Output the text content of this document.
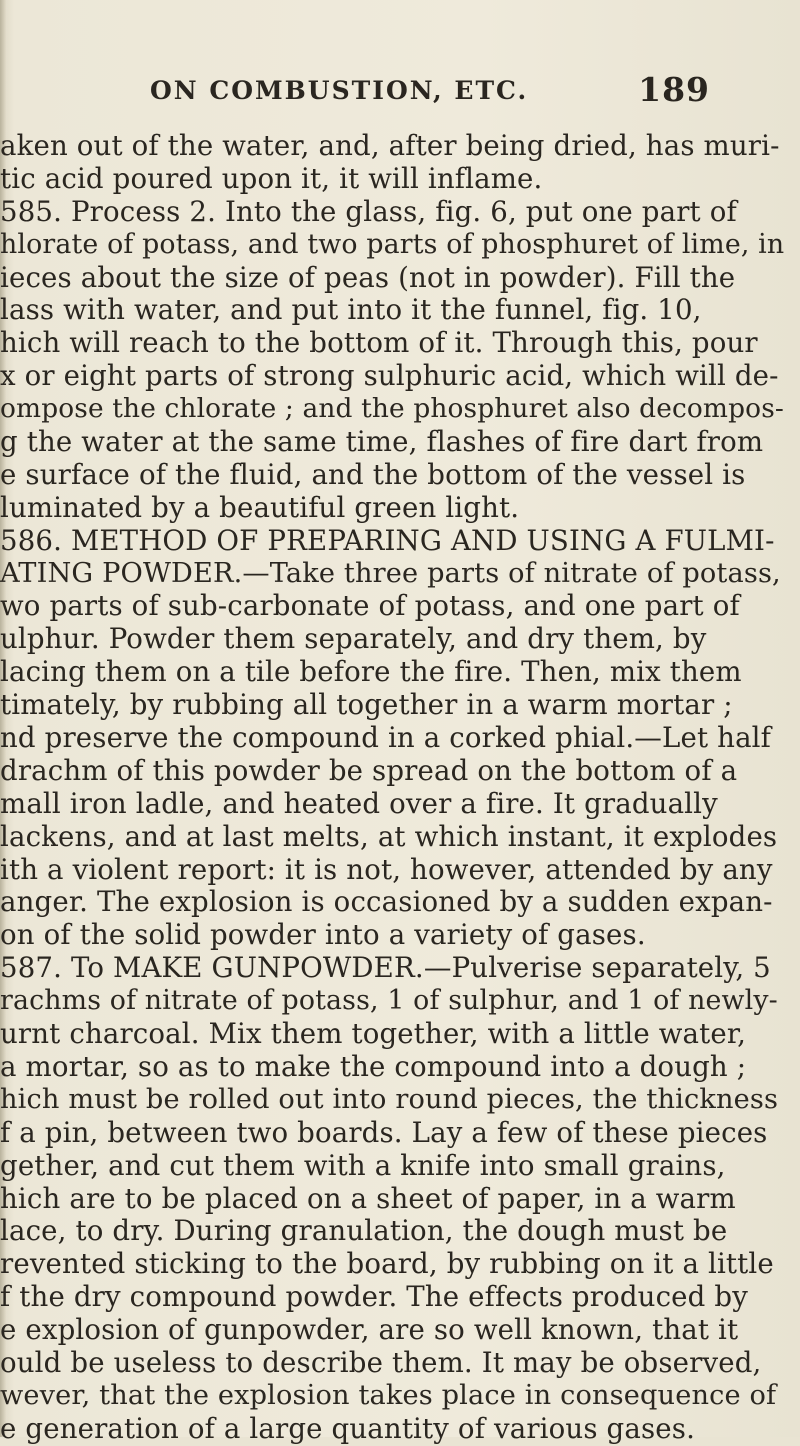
ON COMBUSTION, ETC.	189
aken out of the water, and, after being dried, has muri-
tic acid poured upon it, it will inflame.
585. Process 2. Into the glass, fig. 6, put one part of
hlorate of potass, and two parts of phosphuret of lime, in
ieces about the size of peas (not in powder). Fill the
lass with water, and put into it the funnel, fig. 10,
hich will reach to the bottom of it. Through this, pour
x or eight parts of strong sulphuric acid, which will de-
ompose the chlorate ; and the phosphuret also decompos-
g the water at the same time, flashes of fire dart from
e surface of the fluid, and the bottom of the vessel is
luminated by a beautiful green light.
586. METHOD OF PREPARING AND USING A FULMI-
ATING POWDER.—Take three parts of nitrate of potass,
wo parts of sub-carbonate of potass, and one part of
ulphur. Powder them separately, and dry them, by
lacing them on a tile before the fire. Then, mix them
timately, by rubbing all together in a warm mortar ;
nd preserve the compound in a corked phial.—Let half
drachm of this powder be spread on the bottom of a
mall iron ladle, and heated over a fire. It gradually
lackens, and at last melts, at which instant, it explodes
ith a violent report: it is not, however, attended by any
anger. The explosion is occasioned by a sudden expan-
on of the solid powder into a variety of gases.
587. To MAKE GUNPOWDER.—Pulverise separately, 5
rachms of nitrate of potass, 1 of sulphur, and 1 of newly-
urnt charcoal. Mix them together, with a little water,
a mortar, so as to make the compound into a dough ;
hich must be rolled out into round pieces, the thickness
f a pin, between two boards. Lay a few of these pieces
gether, and cut them with a knife into small grains,
hich are to be placed on a sheet of paper, in a warm
lace, to dry. During granulation, the dough must be
revented sticking to the board, by rubbing on it a little
f the dry compound powder. The effects produced by
e explosion of gunpowder, are so well known, that it
ould be useless to describe them. It may be observed,
wever, that the explosion takes place in consequence of
e generation of a large quantity of various gases.
